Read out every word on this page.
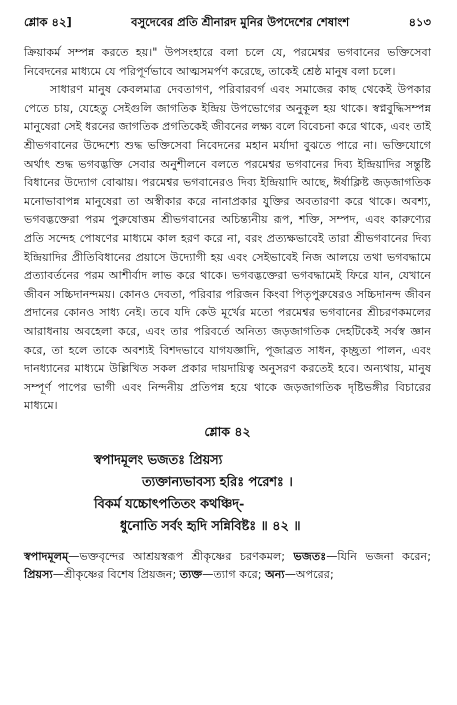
শ্লোক ৪২]	বসুদেবের প্রতি শ্রীনারদ মুনির উপদেশের শেষাংশ	৪১৩

ক্রিয়াকর্ম সম্পন্ন করতে হয়।" উপসংহারে বলা চলে যে, পরমেশ্বর ভগবানের ভক্তিসেবা নিবেদনের মাধ্যমে যে পরিপূর্ণভাবে আত্মসমর্পণ করেছে, তাকেই শ্রেষ্ঠ মানুষ বলা চলে।

সাধারণ মানুষ কেবলমাত্র দেবতাগণ, পরিবারবর্গ এবং সমাজের কাছ থেকেই উপকার পেতে চায়, যেহেতু সেইগুলি জাগতিক ইন্দ্রিয় উপভোগের অনুকূল হয় থাকে। স্বপ্নবুদ্ধিসম্পন্ন মানুষেরা সেই ধরনের জাগতিক প্রগতিকেই জীবনের লক্ষ্য বলে বিবেচনা করে থাকে, এবং তাই শ্রীভগবানের উদ্দেশ্যে শুদ্ধ ভক্তিসেবা নিবেদনের মহান মর্যাদা বুঝতে পারে না। ভক্তিযোগে অর্থাৎ শুদ্ধ ভগবদ্ভক্তি সেবার অনুশীলনে বলতে পরমেশ্বর ভগবানের দিব্য ইন্দ্রিয়াদির সন্তুষ্টি বিধানের উদ্যোগ বোঝায়। পরমেশ্বর ভগবানেরও দিব্য ইন্দ্রিয়াদি আছে, ঈর্ষাক্লিষ্ট জড়জাগতিক মনোভাবাপন্ন মানুষেরা তা অস্বীকার করে নানাপ্রকার যুক্তির অবতারণা করে থাকে। অবশ্য, ভগবদ্ভক্তেরা পরম পুরুষোত্তম শ্রীভগবানের অচিন্ত্যনীয় রূপ, শক্তি, সম্পদ, এবং কারুণ্যের প্রতি সন্দেহ পোষণের মাধ্যমে কাল হরণ করে না, বরং প্রত্যক্ষভাবেই তারা শ্রীভগবানের দিব্য ইন্দ্রিয়াদির প্রীতিবিধানের প্রয়াসে উদ্যোগী হয় এবং সেইভাবেই নিজ আলয়ে তথা ভগবদ্ধামে প্রত্যাবর্তনের পরম আশীর্বাদ লাভ করে থাকে। ভগবদ্ভক্তেরা ভগবদ্ধামেই ফিরে যান, যেখানে জীবন সচ্চিদানন্দময়। কোনও দেবতা, পরিবার পরিজন কিংবা পিতৃপুরুষেরও সচ্চিদানন্দ জীবন প্রদানের কোনও সাধ্য নেই। তবে যদি কেউ মূর্খের মতো পরমেশ্বর ভগবানের শ্রীচরণকমলের আরাধনায় অবহেলা করে, এবং তার পরিবর্তে অনিত্য জড়জাগতিক দেহটিকেই সর্বস্ব জ্ঞান করে, তা হলে তাকে অবশ্যই বিশদভাবে যাগযজ্ঞাদি, পূজাব্রত সাধন, কৃচ্ছ্রতা পালন, এবং দানধ্যানের মাধ্যমে উল্লিখিত সকল প্রকার দায়দায়িত্ব অনুসরণ করতেই হবে। অন্যথায়, মানুষ সম্পূর্ণ পাপের ভাগী এবং নিন্দনীয় প্রতিপন্ন হয়ে থাকে জড়জাগতিক দৃষ্টিভঙ্গীর বিচারের মাধ্যমে।

শ্লোক ৪২
স্বপাদমূলং ভজতঃ প্রিয়স্য
ত্যক্তান্যভাবস্য হরিঃ পরেশঃ ।
বিকর্ম যচ্চোৎপতিতং কথঞ্চিদ্-
ধুনোতি সর্বং হৃদি সন্নিবিষ্টঃ ॥ ৪২ ॥
স্বপাদমূলম্—ভক্তবৃন্দের আশ্রয়স্বরূপ শ্রীকৃষ্ণের চরণকমল; ভজতঃ—যিনি ভজনা করেন; প্রিয়স্য—শ্রীকৃষ্ণের বিশেষ প্রিয়জন; ত্যক্ত—ত্যাগ করে; অন্য—অপরের;
